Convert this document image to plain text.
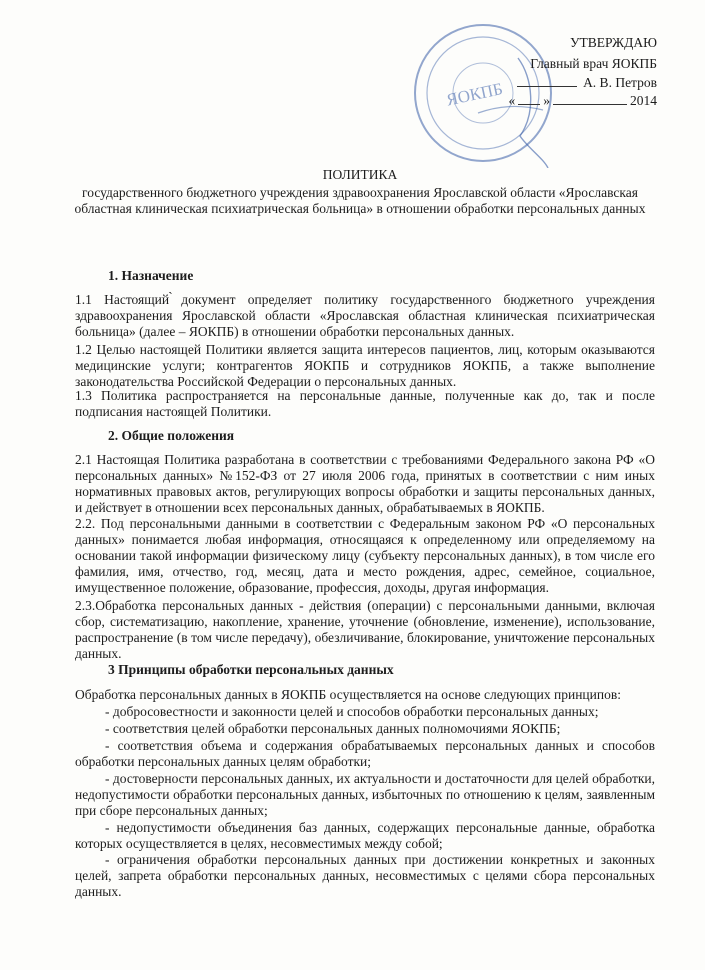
ЯОКПБ
УТВЕРЖДАЮ
Главный врач ЯОКПБ
А. В. Петров
« »	2014
ПОЛИТИКА
государственного бюджетного учреждения здравоохранения Ярославской области «Ярославская областная клиническая психиатрическая больница» в отношении обработки персональных данных
1. Назначение
1.1 Настоящий ̀документ определяет политику государственного бюджетного учреждения здравоохранения Ярославской области «Ярославская областная клиническая психиатрическая больница» (далее – ЯОКПБ) в отношении обработки персональных данных.
1.2 Целью настоящей Политики является защита интересов пациентов, лиц, которым оказываются медицинские услуги; контрагентов ЯОКПБ и сотрудников ЯОКПБ, а также выполнение законодательства Российской Федерации о персональных данных.
1.3 Политика распространяется на персональные данные, полученные как до, так и после подписания настоящей Политики.
2. Общие положения
2.1 Настоящая Политика разработана в соответствии с требованиями Федерального закона РФ «О персональных данных» №152-ФЗ от 27 июля 2006 года, принятых в соответствии с ним иных нормативных правовых актов, регулирующих вопросы обработки и защиты персональных данных, и действует в отношении всех персональных данных, обрабатываемых в ЯОКПБ.
2.2. Под персональными данными в соответствии с Федеральным законом РФ «О персональных данных» понимается любая информация, относящаяся к определенному или определяемому на основании такой информации физическому лицу (субъекту персональных данных), в том числе его фамилия, имя, отчество, год, месяц, дата и место рождения, адрес, семейное, социальное, имущественное положение, образование, профессия, доходы, другая информация.
2.3.Обработка персональных данных - действия (операции) с персональными данными, включая сбор, систематизацию, накопление, хранение, уточнение (обновление, изменение), использование, распространение (в том числе передачу), обезличивание, блокирование, уничтожение персональных данных.
3 Принципы обработки персональных данных
Обработка персональных данных в ЯОКПБ осуществляется на основе следующих принципов:
- добросовестности и законности целей и способов обработки персональных данных;
- соответствия целей обработки персональных данных полномочиями ЯОКПБ;
- соответствия объема и содержания обрабатываемых персональных данных и способов обработки персональных данных целям обработки;
- достоверности персональных данных, их актуальности и достаточности для целей обработки, недопустимости обработки персональных данных, избыточных по отношению к целям, заявленным при сборе персональных данных;
- недопустимости объединения баз данных, содержащих персональные данные, обработка которых осуществляется в целях, несовместимых между собой;
- ограничения обработки персональных данных при достижении конкретных и законных целей, запрета обработки персональных данных, несовместимых с целями сбора персональных данных.
